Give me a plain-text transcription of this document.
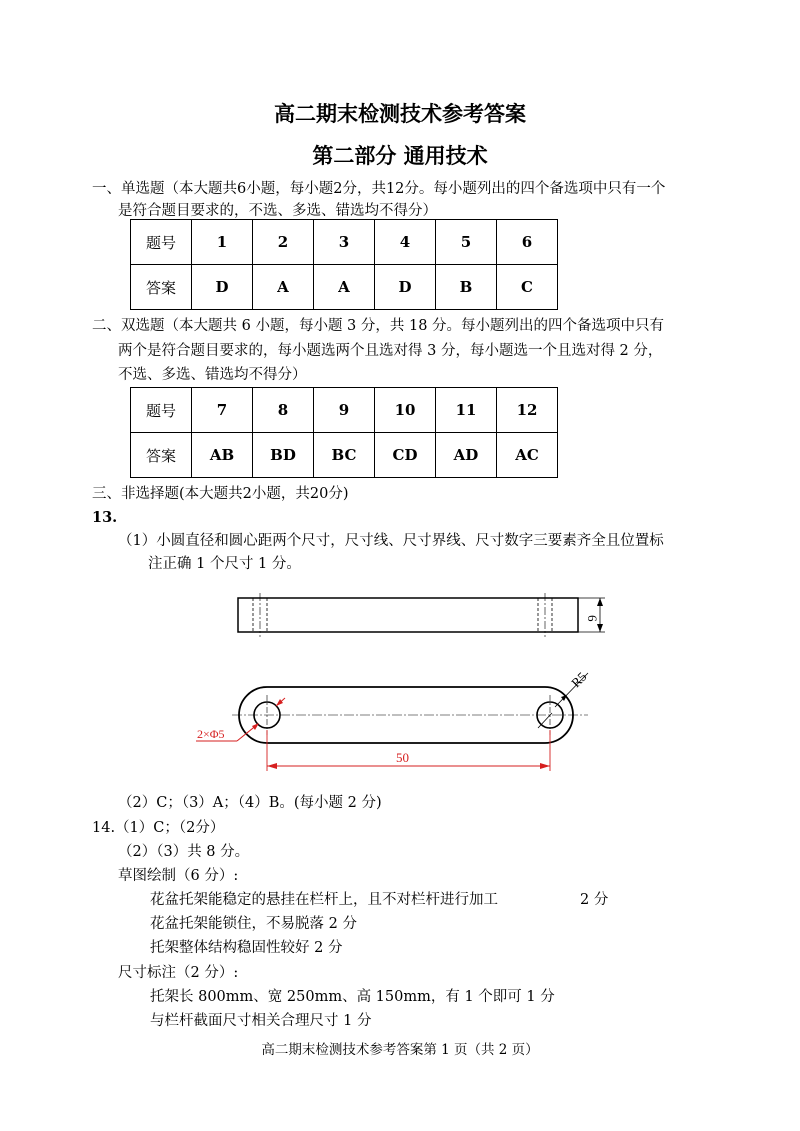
高二期末检测技术参考答案
第二部分 通用技术
一、单选题（本大题共6小题，每小题2分，共12分。每小题列出的四个备选项中只有一个
是符合题目要求的，不选、多选、错选均不得分）
题号	1	2	3	4	5	6
答案	D	A	A	D	B	C
二、双选题（本大题共 6 小题，每小题 3 分，共 18 分。每小题列出的四个备选项中只有
两个是符合题目要求的，每小题选两个且选对得 3 分，每小题选一个且选对得 2 分，
不选、多选、错选均不得分）
题号	7	8	9	10	11	12
答案	AB	BD	BC	CD	AD	AC
三、非选择题(本大题共2小题，共20分)
13.
（1）小圆直径和圆心距两个尺寸，尺寸线、尺寸界线、尺寸数字三要素齐全且位置标
注正确 1 个尺寸 1 分。
6
R5
2×Φ5
50
（2）C；（3）A；（4）B。(每小题 2 分)
14.（1）C；（2分）
（2）（3）共 8 分。
草图绘制（6 分）:
花盆托架能稳定的悬挂在栏杆上，且不对栏杆进行加工	2 分
花盆托架能锁住，不易脱落 2 分
托架整体结构稳固性较好 2 分
尺寸标注（2 分）:
托架长 800mm、宽 250mm、高 150mm，有 1 个即可 1 分
与栏杆截面尺寸相关合理尺寸 1 分
高二期末检测技术参考答案第 1 页（共 2 页）
